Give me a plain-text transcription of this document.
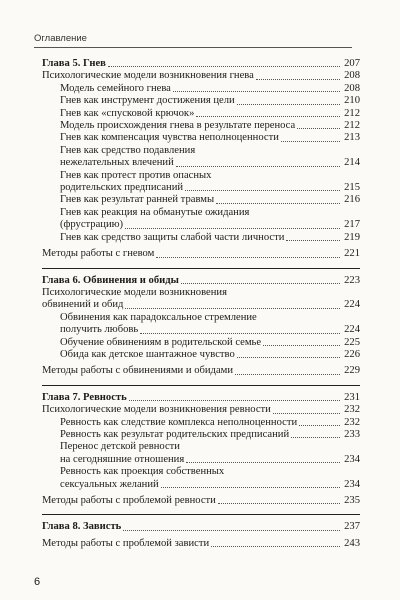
Оглавление
Глава 5. Гнев	207
Психологические модели возникновения гнева	208
Модель семейного гнева	208
Гнев как инструмент достижения цели	210
Гнев как «спусковой крючок»	212
Модель происхождения гнева в результате переноса	212
Гнев как компенсация чувства неполноценности	213
Гнев как средство подавления
нежелательных влечений	214
Гнев как протест против опасных
родительских предписаний	215
Гнев как результат ранней травмы	216
Гнев как реакция на обманутые ожидания
(фрустрацию)	217
Гнев как средство защиты слабой части личности	219
Методы работы с гневом	221
Глава 6. Обвинения и обиды	223
Психологические модели возникновения
обвинений и обид	224
Обвинения как парадоксальное стремление
получить любовь	224
Обучение обвинениям в родительской семье	225
Обида как детское шантажное чувство	226
Методы работы с обвинениями и обидами	229
Глава 7. Ревность	231
Психологические модели возникновения ревности	232
Ревность как следствие комплекса неполноценности	232
Ревность как результат родительских предписаний	233
Перенос детской ревности
на сегодняшние отношения	234
Ревность как проекция собственных
сексуальных желаний	234
Методы работы с проблемой ревности	235
Глава 8. Зависть	237
Методы работы с проблемой зависти	243
6
